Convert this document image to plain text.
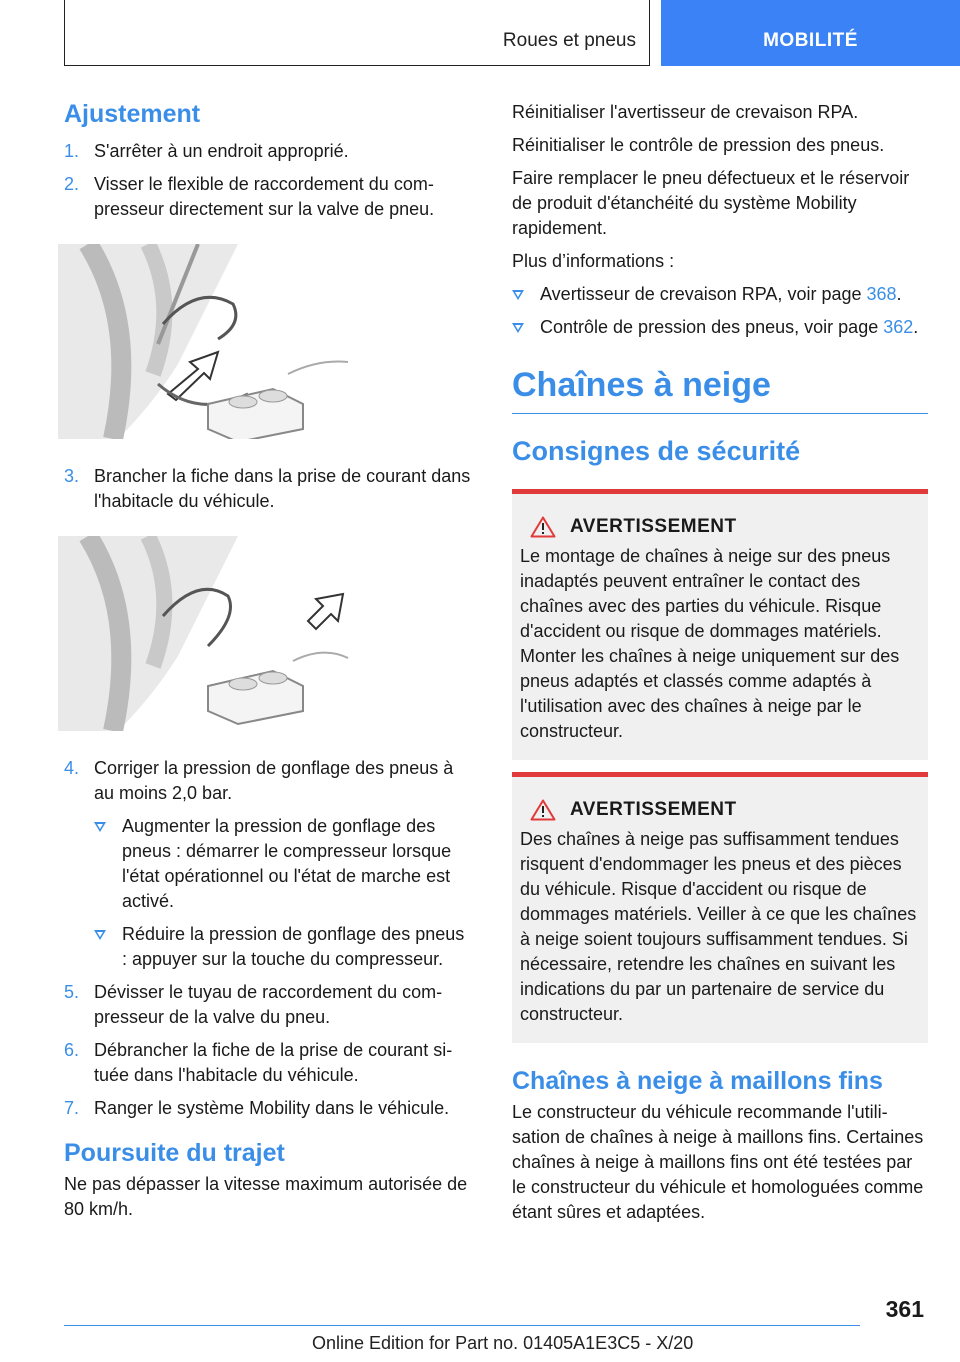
Roues et pneus	MOBILITÉ
Ajustement
1. S'arrêter à un endroit approprié.
2. Visser le flexible de raccordement du compresseur directement sur la valve de pneu.
3. Brancher la fiche dans la prise de courant dans l'habitacle du véhicule.
4. Corriger la pression de gonflage des pneus à au moins 2,0 bar.
Augmenter la pression de gonflage des pneus : démarrer le compresseur lorsque l'état opérationnel ou l'état de marche est activé.
Réduire la pression de gonflage des pneus : appuyer sur la touche du compresseur.
5. Dévisser le tuyau de raccordement du compresseur de la valve du pneu.
6. Débrancher la fiche de la prise de courant située dans l'habitacle du véhicule.
7. Ranger le système Mobility dans le véhicule.
Poursuite du trajet

Ne pas dépasser la vitesse maximum autorisée de 80 km/h.

Réinitialiser l'avertisseur de crevaison RPA.

Réinitialiser le contrôle de pression des pneus.

Faire remplacer le pneu défectueux et le réservoir de produit d'étanchéité du système Mobility rapidement.

Plus d’informations :

Avertisseur de crevaison RPA, voir page 368.
Contrôle de pression des pneus, voir page 362.
Chaînes à neige
Consignes de sécurité
AVERTISSEMENT

Le montage de chaînes à neige sur des pneus inadaptés peuvent entraîner le contact des chaînes avec des parties du véhicule. Risque d'accident ou risque de dommages matériels. Monter les chaînes à neige uniquement sur des pneus adaptés et classés comme adaptés à l'utilisation avec des chaînes à neige par le constructeur.

AVERTISSEMENT

Des chaînes à neige pas suffisamment tendues risquent d'endommager les pneus et des pièces du véhicule. Risque d'accident ou risque de dommages matériels. Veiller à ce que les chaînes à neige soient toujours suffisamment tendues. Si nécessaire, retendre les chaînes en suivant les indications du par un partenaire de service du constructeur.

Chaînes à neige à maillons fins

Le constructeur du véhicule recommande l'utilisation de chaînes à neige à maillons fins. Certaines chaînes à neige à maillons fins ont été testées par le constructeur du véhicule et homologuées comme étant sûres et adaptées.

361
Online Edition for Part no. 01405A1E3C5 - X/20
